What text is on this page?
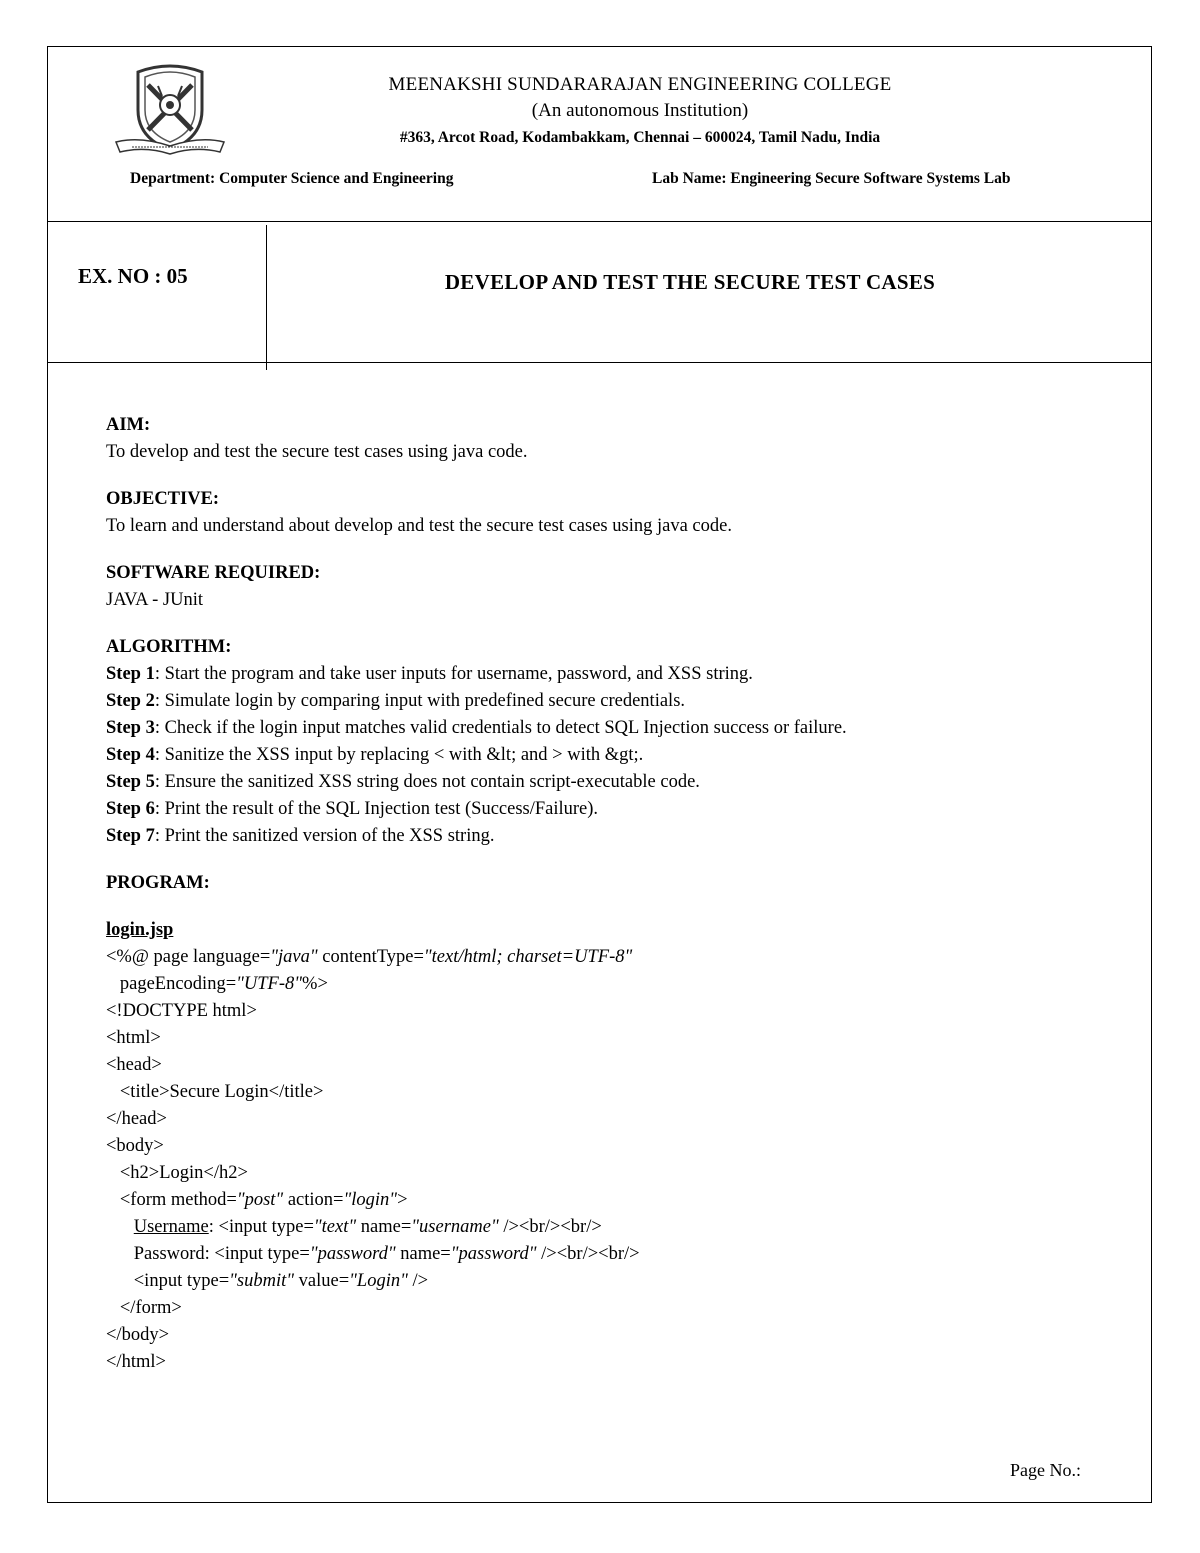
MEENAKSHI SUNDARARAJAN ENGINEERING COLLEGE
(An autonomous Institution)
#363, Arcot Road, Kodambakkam, Chennai – 600024, Tamil Nadu, India
Department: Computer Science and Engineering	Lab Name: Engineering Secure Software Systems Lab
EX. NO : 05	DEVELOP AND TEST THE SECURE TEST CASES

AIM:

To develop and test the secure test cases using java code.

OBJECTIVE:

To learn and understand about develop and test the secure test cases using java code.

SOFTWARE REQUIRED:

JAVA - JUnit

ALGORITHM:

Step 1: Start the program and take user inputs for username, password, and XSS string.

Step 2: Simulate login by comparing input with predefined secure credentials.

Step 3: Check if the login input matches valid credentials to detect SQL Injection success or failure.

Step 4: Sanitize the XSS input by replacing < with &lt; and > with &gt;.

Step 5: Ensure the sanitized XSS string does not contain script-executable code.

Step 6: Print the result of the SQL Injection test (Success/Failure).

Step 7: Print the sanitized version of the XSS string.

PROGRAM:

login.jsp

<%@ page language="java" contentType="text/html; charset=UTF-8"

pageEncoding="UTF-8"%>

<!DOCTYPE html>

<html>

<head>

<title>Secure Login</title>

</head>

<body>

<h2>Login</h2>

<form method="post" action="login">

Username: <input type="text" name="username" /><br/><br/>

Password: <input type="password" name="password" /><br/><br/>

<input type="submit" value="Login" />

</form>

</body>

</html>

Page No.:
